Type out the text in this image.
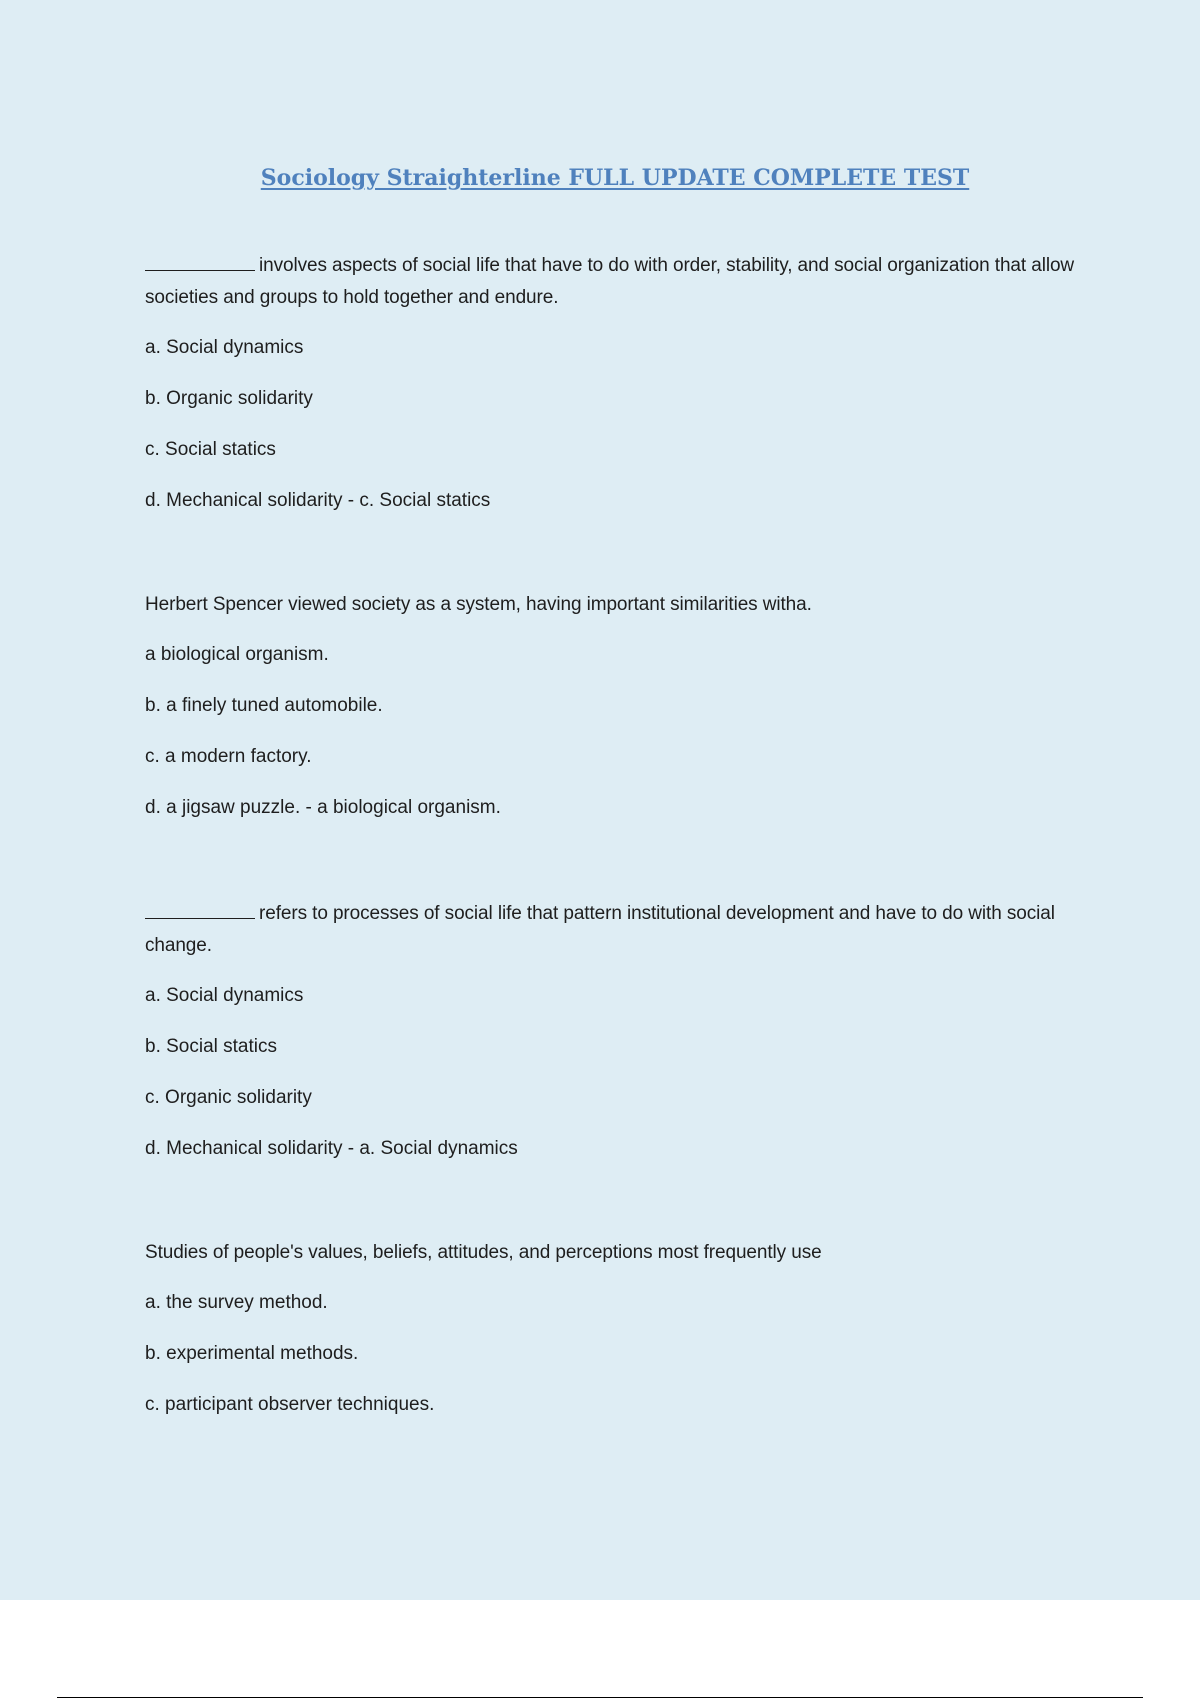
Sociology Straighterline FULL UPDATE COMPLETE TEST

involves aspects of social life that have to do with order, stability, and social organization that allow societies and groups to hold together and endure.

a. Social dynamics

b. Organic solidarity

c. Social statics

d. Mechanical solidarity - c. Social statics

Herbert Spencer viewed society as a system, having important similarities witha.

a biological organism.

b. a finely tuned automobile.

c. a modern factory.

d. a jigsaw puzzle. - a biological organism.

refers to processes of social life that pattern institutional development and have to do with social change.

a. Social dynamics

b. Social statics

c. Organic solidarity

d. Mechanical solidarity - a. Social dynamics

Studies of people's values, beliefs, attitudes, and perceptions most frequently use

a. the survey method.

b. experimental methods.

c. participant observer techniques.
